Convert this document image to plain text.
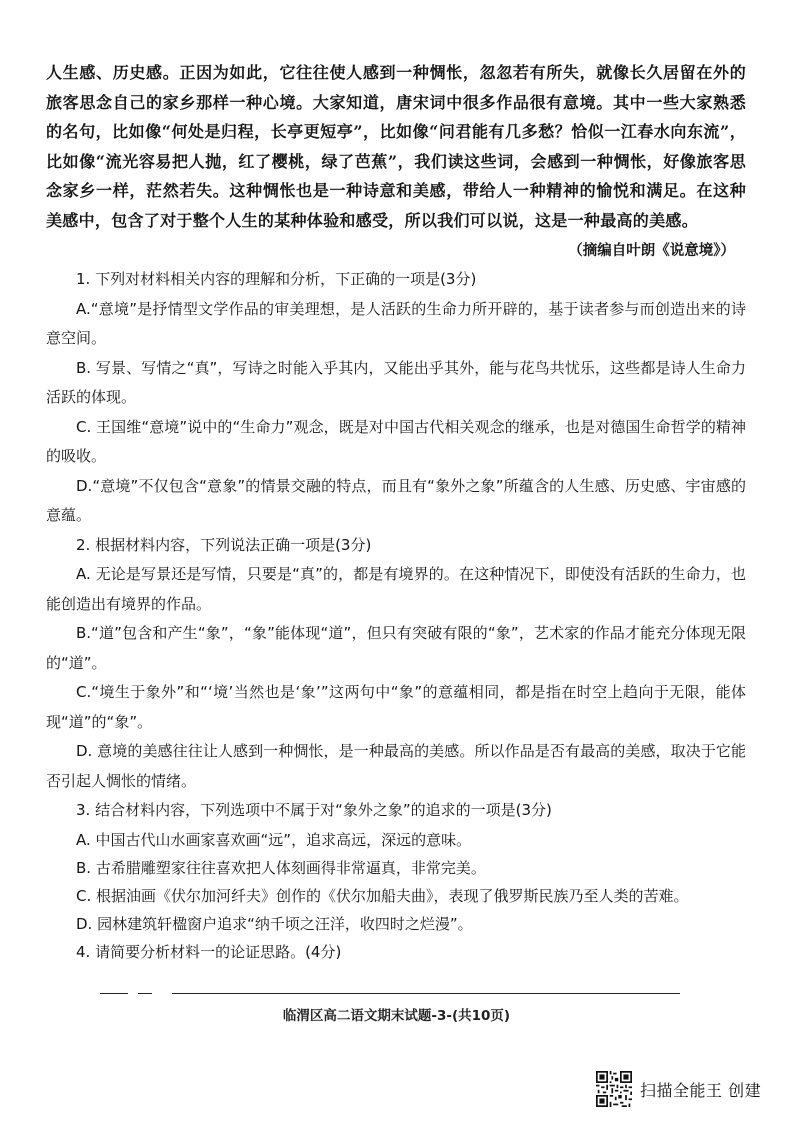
人生感、历史感。正因为如此，它往往使人感到一种惆怅，忽忽若有所失，就像长久居留在外的旅客思念自己的家乡那样一种心境。大家知道，唐宋词中很多作品很有意境。其中一些大家熟悉的名句，比如像“何处是归程，长亭更短亭”，比如像“问君能有几多愁？恰似一江春水向东流”，比如像“流光容易把人抛，红了樱桃，绿了芭蕉”，我们读这些词，会感到一种惆怅，好像旅客思念家乡一样，茫然若失。这种惆怅也是一种诗意和美感，带给人一种精神的愉悦和满足。在这种美感中，包含了对于整个人生的某种体验和感受，所以我们可以说，这是一种最高的美感。

（摘编自叶朗《说意境》）

1. 下列对材料相关内容的理解和分析，下正确的一项是(3分)

A.“意境”是抒情型文学作品的审美理想，是人活跃的生命力所开辟的，基于读者参与而创造出来的诗意空间。

B. 写景、写情之“真”，写诗之时能入乎其内，又能出乎其外，能与花鸟共忧乐，这些都是诗人生命力活跃的体现。

C. 王国维“意境”说中的“生命力”观念，既是对中国古代相关观念的继承，也是对德国生命哲学的精神的吸收。

D.“意境”不仅包含“意象”的情景交融的特点，而且有“象外之象”所蕴含的人生感、历史感、宇宙感的意蕴。

2. 根据材料内容，下列说法正确一项是(3分)

A. 无论是写景还是写情，只要是“真”的，都是有境界的。在这种情况下，即使没有活跃的生命力，也能创造出有境界的作品。

B.“道”包含和产生“象”，“象”能体现“道”，但只有突破有限的“象”，艺术家的作品才能充分体现无限的“道”。

C.“境生于象外”和“‘境’当然也是‘象’”这两句中“象”的意蕴相同，都是指在时空上趋向于无限，能体现“道”的“象”。

D. 意境的美感往往让人感到一种惆怅，是一种最高的美感。所以作品是否有最高的美感，取决于它能否引起人惆怅的情绪。

3. 结合材料内容，下列选项中不属于对“象外之象”的追求的一项是(3分)

A. 中国古代山水画家喜欢画“远”，追求高远，深远的意味。

B. 古希腊雕塑家往往喜欢把人体刻画得非常逼真，非常完美。

C. 根据油画《伏尔加河纤夫》创作的《伏尔加船夫曲》，表现了俄罗斯民族乃至人类的苦难。

D. 园林建筑轩楹窗户追求“纳千顷之汪洋，收四时之烂漫”。

4. 请简要分析材料一的论证思路。(4分)

临渭区高二语文期末试题-3-(共10页)
扫描全能王 创建
